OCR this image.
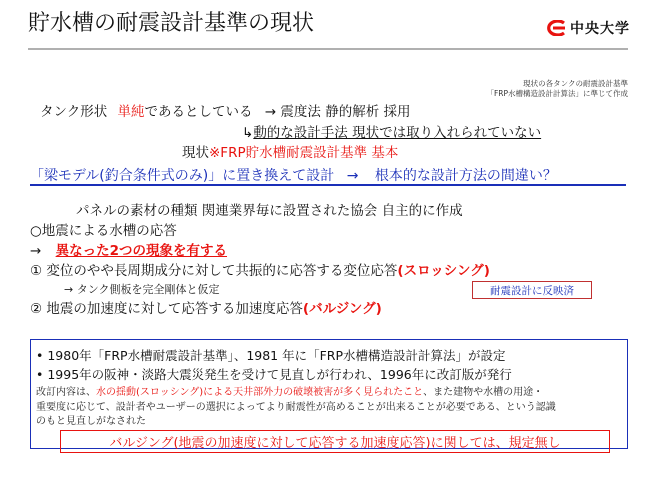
貯水槽の耐震設計基準の現状	中央大学
現状の各タンクの耐震設計基準
「FRP水槽構造設計計算法」に準じて作成
タンク形状 単純であるとしている → 震度法 静的解析 採用
↳動的な設計手法 現状では取り入れられていない
現状※FRP貯水槽耐震設計基準 基本
「梁モデル(釣合条件式のみ)」に置き換えて設計 → 根本的な設計方法の間違い？
パネルの素材の種類 関連業界毎に設置された協会 自主的に作成
○地震による水槽の応答
→ 異なった2つの現象を有する
① 変位のやや長周期成分に対して共振的に応答する変位応答(スロッシング)
→ タンク側板を完全剛体と仮定	耐震設計に反映済
② 地震の加速度に対して応答する加速度応答(バルジング)
• 1980年「FRP水槽耐震設計基準」、1981 年に「FRP水槽構造設計計算法」が設定
• 1995年の阪神・淡路大震災発生を受けて見直しが行われ、1996年に改訂版が発行
改訂内容は、水の揺動(スロッシング)による天井部外力の破壊被害が多く見られたこと、また建物や水槽の用途・
重要度に応じて、設計者やユーザーの選択によってより耐震性が高めることが出来ることが必要である、という認識
のもと見直しがなされた
バルジング(地震の加速度に対して応答する加速度応答)に関しては、規定無し
